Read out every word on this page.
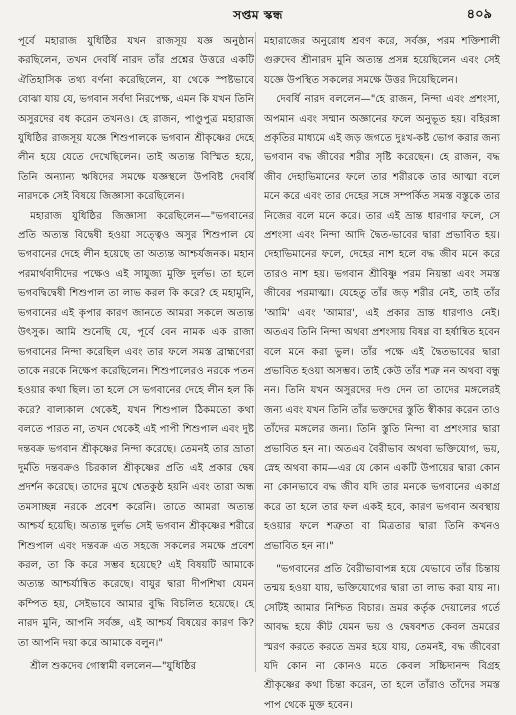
সপ্তম স্কন্ধ	৪০৯

পূর্বে মহারাজ যুধিষ্ঠির যখন রাজসূয় যজ্ঞ অনুষ্ঠান করছিলেন, তখন দেবর্ষি নারদ তাঁর প্রশ্নের উত্তরে একটি ঐতিহাসিক তথ্য বর্ণনা করেছিলেন, যা থেকে স্পষ্টভাবে বোঝা যায় যে, ভগবান সর্বদা নিরপেক্ষ, এমন কি যখন তিনি অসুরদের বধ করেন তখনও। হে রাজন, পাণ্ডুপুত্র মহারাজ যুধিষ্ঠির রাজসূয় যজ্ঞে শিশুপালকে ভগবান শ্রীকৃষ্ণের দেহে লীন হয়ে যেতে দেখেছিলেন। তাই অত্যন্ত বিস্মিত হয়ে, তিনি অন্যান্য ঋষিদের সমক্ষে যজ্ঞস্থলে উপবিষ্ট দেবর্ষি নারদকে সেই বিষয়ে জিজ্ঞাসা করেছিলেন।

মহারাজ যুধিষ্ঠির জিজ্ঞাসা করেছিলেন—"ভগবানের প্রতি অত্যন্ত বিদ্বেষী হওয়া সত্ত্বেও অসুর শিশুপাল যে ভগবানের দেহে লীন হয়েছে তা অত্যন্ত আশ্চর্যজনক। মহান পরমার্থবাদীদের পক্ষেও এই সাযুজ্য মুক্তি দুর্লভ। তা হলে ভগবদ্বিদ্বেষী শিশুপাল তা লাভ করল কি করে? হে মহামুনি, ভগবানের এই কৃপার কারণ জানতে আমরা সকলে অত্যন্ত উৎসুক। আমি শুনেছি যে, পূর্বে বেন নামক এক রাজা ভগবানের নিন্দা করেছিল এবং তার ফলে সমস্ত ব্রাহ্মণেরা তাকে নরকে নিক্ষেপ করেছিলেন। শিশুপালেরও নরকে পতন হওয়ার কথা ছিল। তা হলে সে ভগবানের দেহে লীন হল কি করে? বাল্যকাল থেকেই, যখন শিশুপাল ঠিকমতো কথা বলতে পারত না, তখন থেকেই এই পাপী শিশুপাল এবং দুষ্ট দন্তবক্র ভগবান শ্রীকৃষ্ণের নিন্দা করেছে। তেমনই তার ভ্রাতা দুর্মতি দন্তবক্রও চিরকাল শ্রীকৃষ্ণের প্রতি এই প্রকার দ্বেষ প্রদর্শন করেছে। তাদের মুখে শ্বেতকুষ্ঠ হয়নি এবং তারা অন্ধ তমসাচ্ছন্ন নরকে প্রবেশ করেনি। তাতে আমরা অত্যন্ত আশ্চর্য হয়েছি। অত্যন্ত দুর্লভ সেই ভগবান শ্রীকৃষ্ণের শরীরে শিশুপাল এবং দন্তবক্র এত সহজে সকলের সমক্ষে প্রবেশ করল, তা কি করে সম্ভব হয়েছে? এই বিষয়টি আমাকে অত্যন্ত আশ্চর্যান্বিত করেছে। বাযুর দ্বারা দীপশিখা যেমন কম্পিত হয়, সেইভাবে আমার বুদ্ধি বিচলিত হয়েছে। হে নারদ মুনি, আপনি সর্বজ্ঞ, এই আশ্চর্য বিষয়ের কারণ কি? তা আপনি দয়া করে আমাকে বলুন।"

শ্রীল শুকদেব গোস্বামী বললেন—"যুধিষ্ঠির

মহারাজের অনুরোধ শ্রবণ করে, সর্বজ্ঞ, পরম শক্তিশালী গুরুদেব শ্রীনারদ মুনি অত্যন্ত প্রসন্ন হয়েছিলেন এবং সেই যজ্ঞে উপস্থিত সকলের সমক্ষে উত্তর দিয়েছিলেন।

দেবর্ষি নারদ বললেন—"হে রাজন, নিন্দা এবং প্রশংসা, অপমান এবং সম্মান অজ্ঞানের ফলে অনুভূত হয়। বহিরঙ্গা প্রকৃতির মাধ্যমে এই জড় জগতে দুঃখ-কষ্ট ভোগ করার জন্য ভগবান বদ্ধ জীবের শরীর সৃষ্টি করেছেন। হে রাজন, বদ্ধ জীব দেহাভিমানের ফলে তার শরীরকে তার আত্মা বলে মনে করে এবং তার দেহের সঙ্গে সম্পর্কিত সমস্ত বস্তুকে তার নিজের বলে মনে করে। তার এই ভ্রান্ত ধারণার ফলে, সে প্রশংসা এবং নিন্দা আদি দ্বৈত-ভাবের দ্বারা প্রভাবিত হয়। দেহাভিমানের ফলে, দেহের নাশ হলে বদ্ধ জীব মনে করে তারও নাশ হয়। ভগবান শ্রীবিষ্ণু পরম নিয়ন্তা এবং সমস্ত জীবের পরমাত্মা। যেহেতু তাঁর জড় শরীর নেই, তাই তাঁর 'আমি' এবং 'আমার', এই প্রকার ভ্রান্ত ধারণাও নেই। অতএব তিনি নিন্দা অথবা প্রশংসায় বিষণ্ণ বা হর্ষান্বিত হবেন বলে মনে করা ভুল। তাঁর পক্ষে এই দ্বৈতভাবের দ্বারা প্রভাবিত হওয়া অসম্ভব। তাই কেউ তাঁর শত্রু নন অথবা বন্ধু নন। তিনি যখন অসুরদের দণ্ড দেন তা তাদের মঙ্গলেরই জন্য এবং যখন তিনি তাঁর ভক্তদের স্তুতি স্বীকার করেন তাও তাঁদের মঙ্গলের জন্য। তিনি স্তুতি নিন্দা বা প্রশংসার দ্বারা প্রভাবিত হন না। অতএব বৈরীভাব অথবা ভক্তিযোগ, ভয়, স্নেহ অথবা কাম—এর যে কোন একটি উপায়ের দ্বারা কোন না কোনভাবে বদ্ধ জীব যদি তার মনকে ভগবানের একাগ্র করে তা হলে তার ফল একই হবে, কারণ ভগবান অবস্থায় হওয়ার ফলে শত্রুতা বা মিত্রতার দ্বারা তিনি কখনও প্রভাবিত হন না।"

"ভগবানের প্রতি বৈরীভাবাপন্ন হয়ে যেভাবে তাঁর চিন্তায় তন্ময় হওয়া যায়, ভক্তিযোগের দ্বারা তা লাভ করা যায় না। সেটিই আমার নিশ্চিত বিচার। ভ্রমর কর্তৃক দেয়ালের গর্তে আবদ্ধ হয়ে কীট যেমন ভয় ও দ্বেষবশত কেবল ভ্রমরের স্মরণ করতে করতে ভ্রমর হয়ে যায়, তেমনই, বদ্ধ জীবেরা যদি কোন না কোনও মতে কেবল সচ্চিদানন্দ বিগ্রহ শ্রীকৃষ্ণের কথা চিন্তা করেন, তা হলে তাঁরাও তাঁদের সমস্ত পাপ থেকে মুক্ত হবেন।
